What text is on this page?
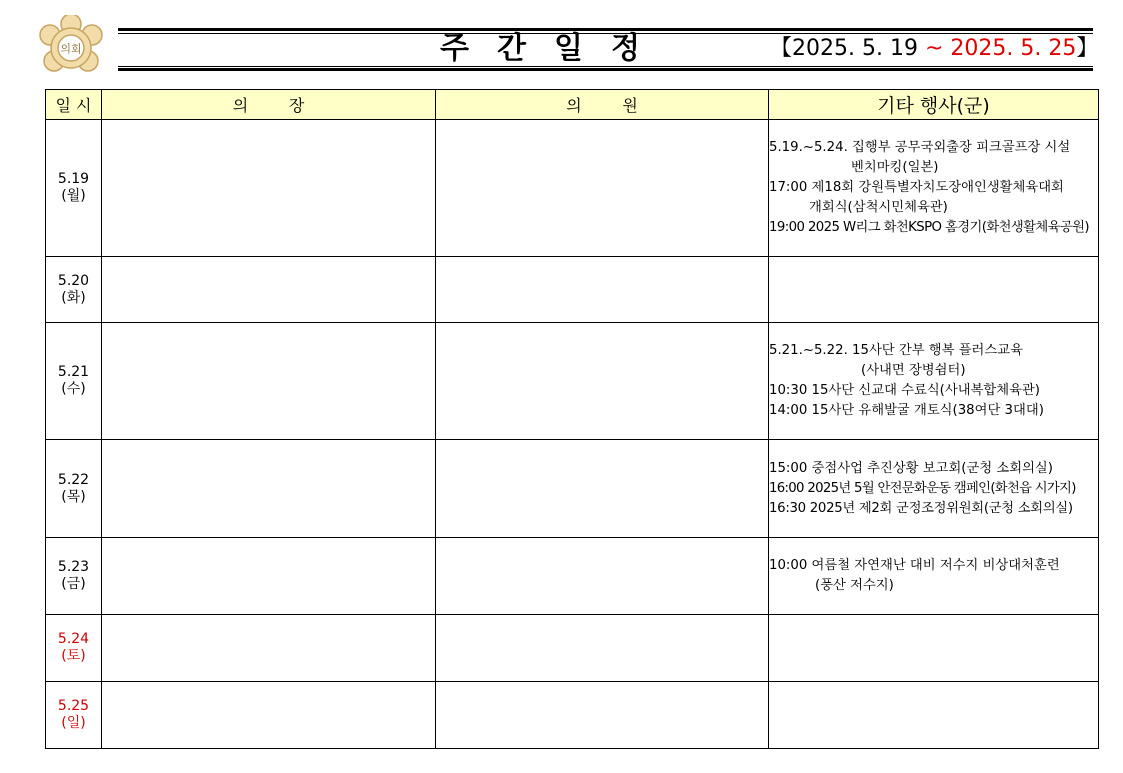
의회	주간일정	【2025. 5. 19 ~ 2025. 5. 25】
일 시	의        장	의        원	기타 행사(군)

5.19
(월)			5.19.~5.24. 집행부 공무국외출장 피크골프장 시설
벤치마킹(일본)
17:00 제18회 강원특별자치도장애인생활체육대회
개회식(삼척시민체육관)
19:00 2025 W리그 화천KSPO 홈경기(화천생활체육공원)

5.20
(화)			

5.21
(수)			5.21.~5.22. 15사단 간부 행복 플러스교육
(사내면 장병쉼터)
10:30 15사단 신교대 수료식(사내복합체육관)
14:00 15사단 유해발굴 개토식(38여단 3대대)

5.22
(목)			15:00 중점사업 추진상황 보고회(군청 소회의실)
16:00 2025년 5월 안전문화운동 캠페인(화천읍 시가지)
16:30 2025년 제2회 군정조정위원회(군청 소회의실)

5.23
(금)			10:00 여름철 자연재난 대비 저수지 비상대처훈련
(풍산 저수지)

5.24
(토)			

5.25
(일)			
